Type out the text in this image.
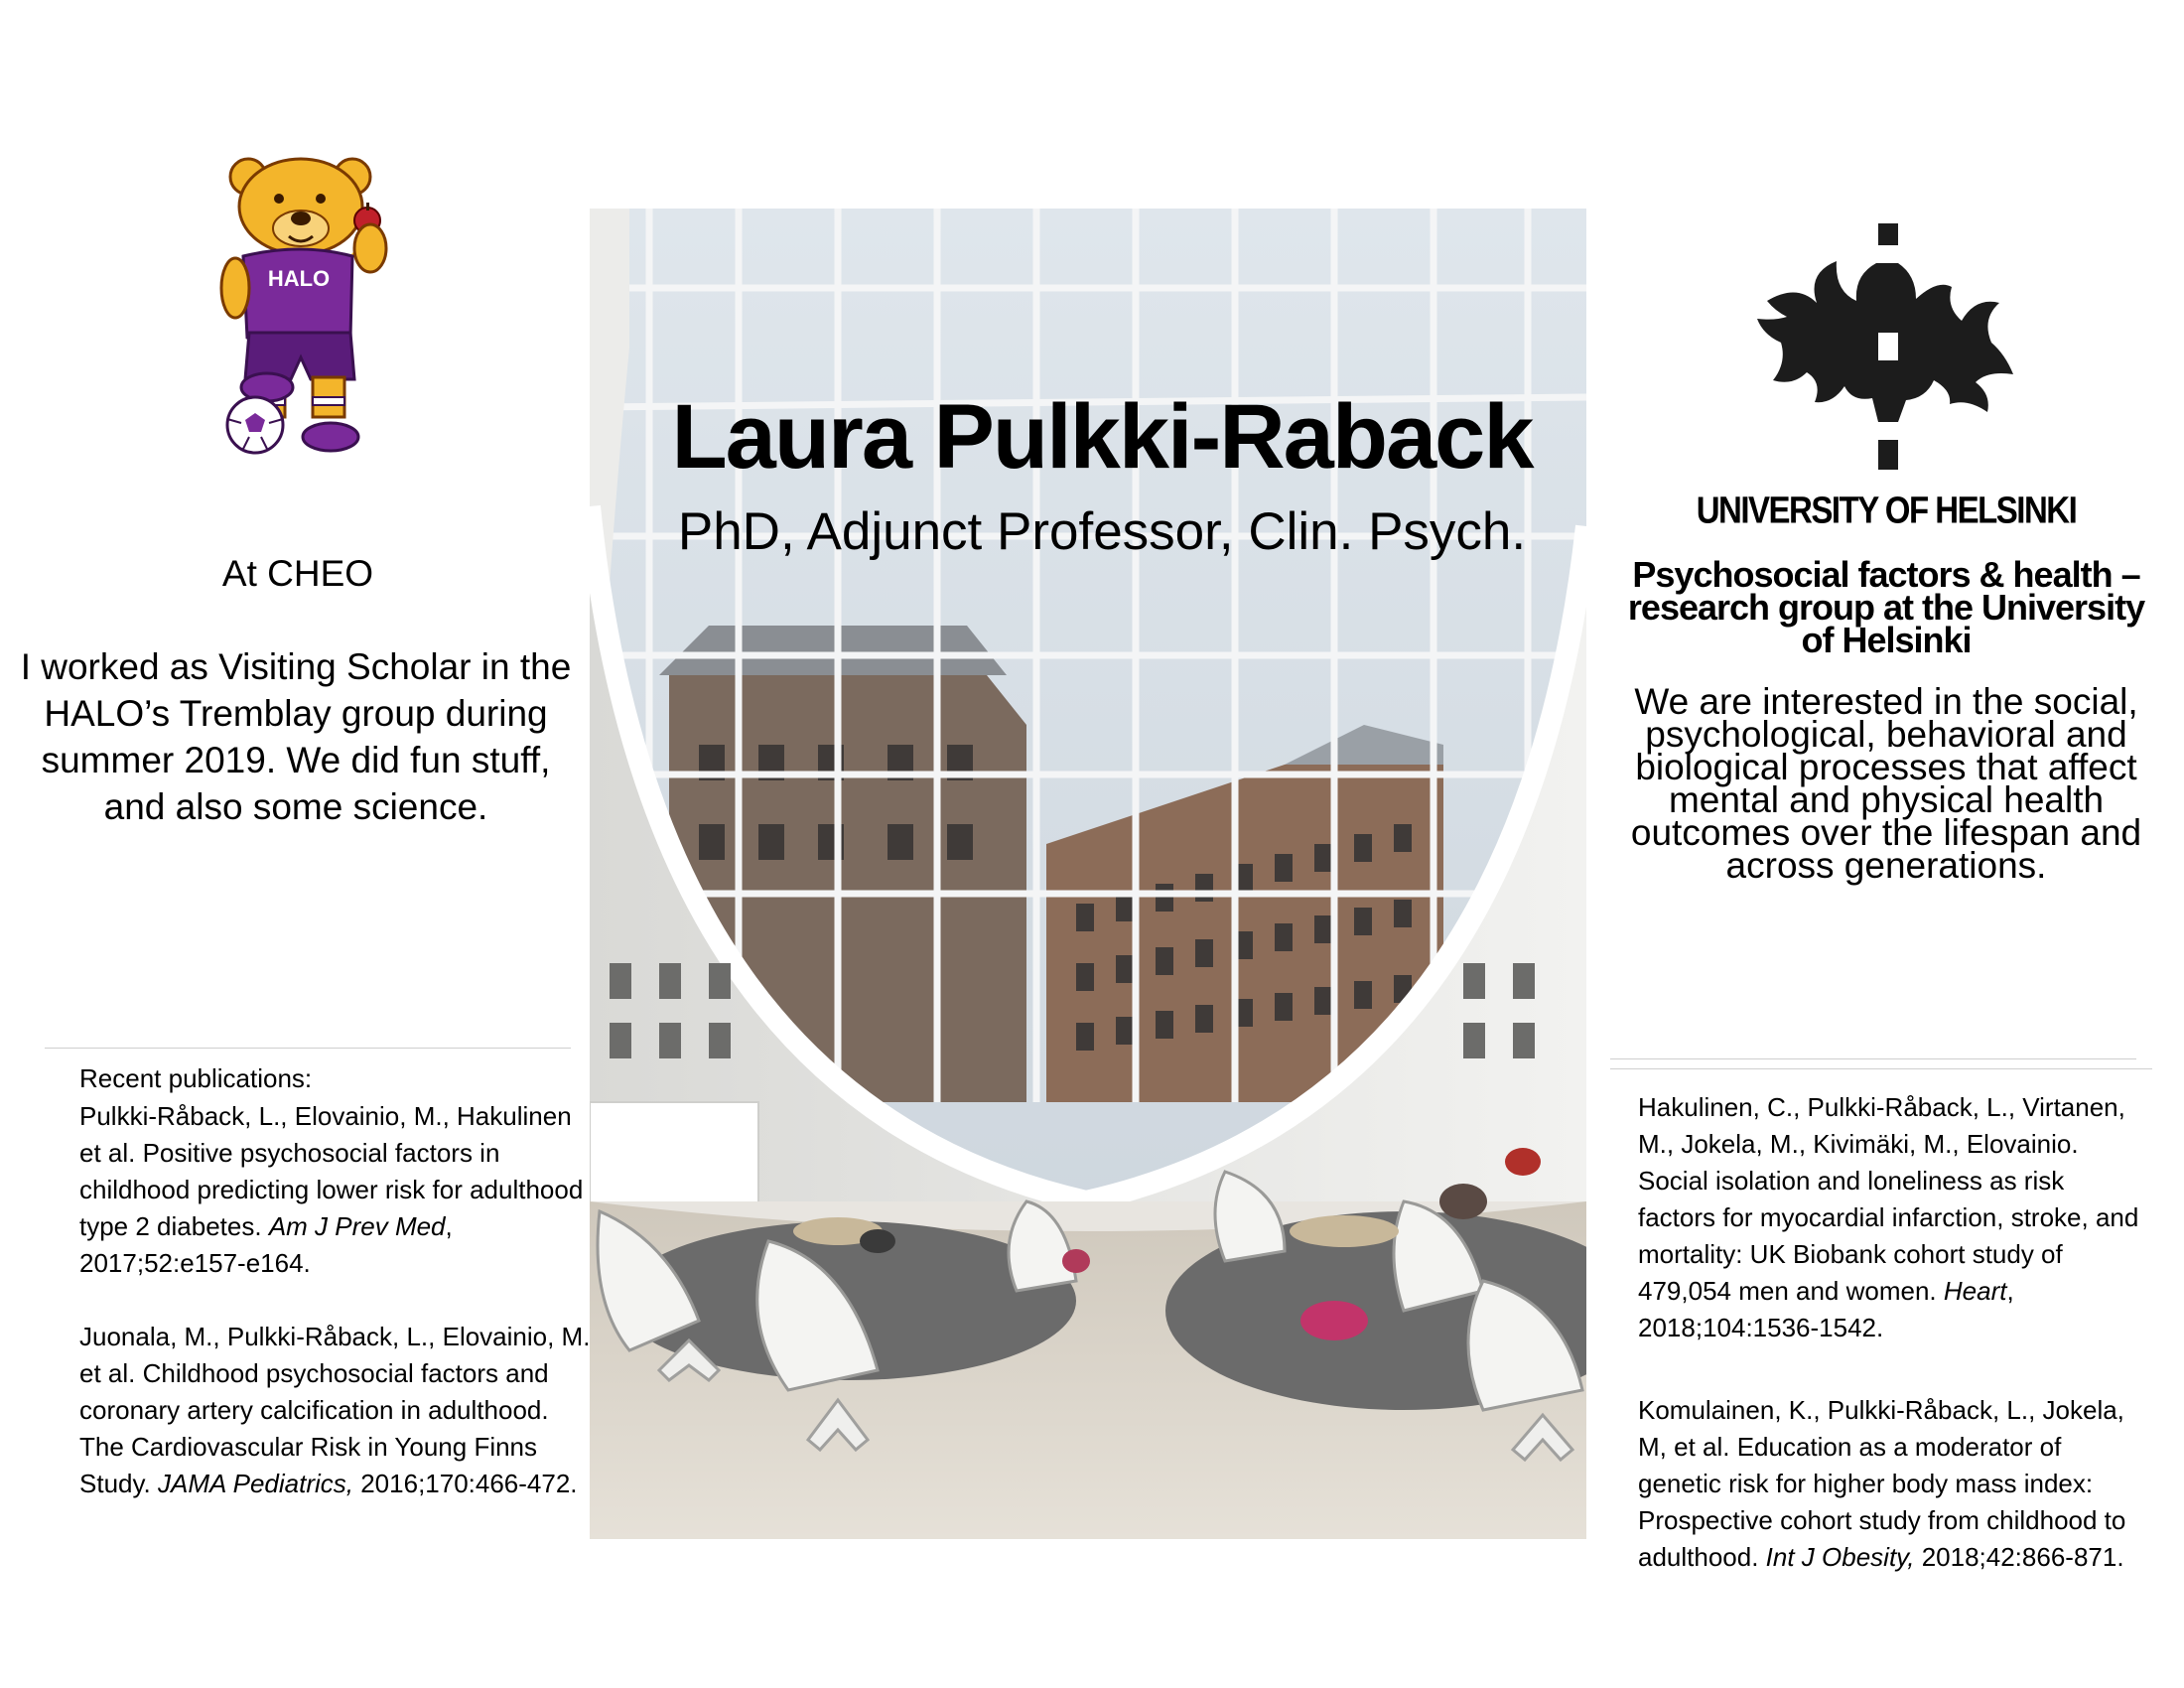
HALO
At CHEO
I worked as Visiting Scholar in the HALO’s Tremblay group during summer 2019. We did fun stuff, and also some science.
Recent publications:
Pulkki-Råback, L., Elovainio, M., Hakulinen et al. Positive psychosocial factors in childhood predicting lower risk for adulthood type 2 diabetes. Am J Prev Med, 2017;52:e157-e164.
Juonala, M., Pulkki-Råback, L., Elovainio, M. et al. Childhood psychosocial factors and coronary artery calcification in adulthood. The Cardiovascular Risk in Young Finns Study. JAMA Pediatrics, 2016;170:466-472.
Laura Pulkki-Raback
PhD, Adjunct Professor, Clin. Psych.	UNIVERSITY OF HELSINKI
Psychosocial factors & health – research group at the University of Helsinki
We are interested in the social, psychological, behavioral and biological processes that affect mental and physical health outcomes over the lifespan and across generations.
Hakulinen, C., Pulkki-Råback, L., Virtanen, M., Jokela, M., Kivimäki, M., Elovainio. Social isolation and loneliness as risk factors for myocardial infarction, stroke, and mortality: UK Biobank cohort study of 479,054 men and women. Heart, 2018;104:1536-1542.
Komulainen, K., Pulkki-Råback, L., Jokela, M, et al. Education as a moderator of genetic risk for higher body mass index: Prospective cohort study from childhood to adulthood. Int J Obesity, 2018;42:866-871.
